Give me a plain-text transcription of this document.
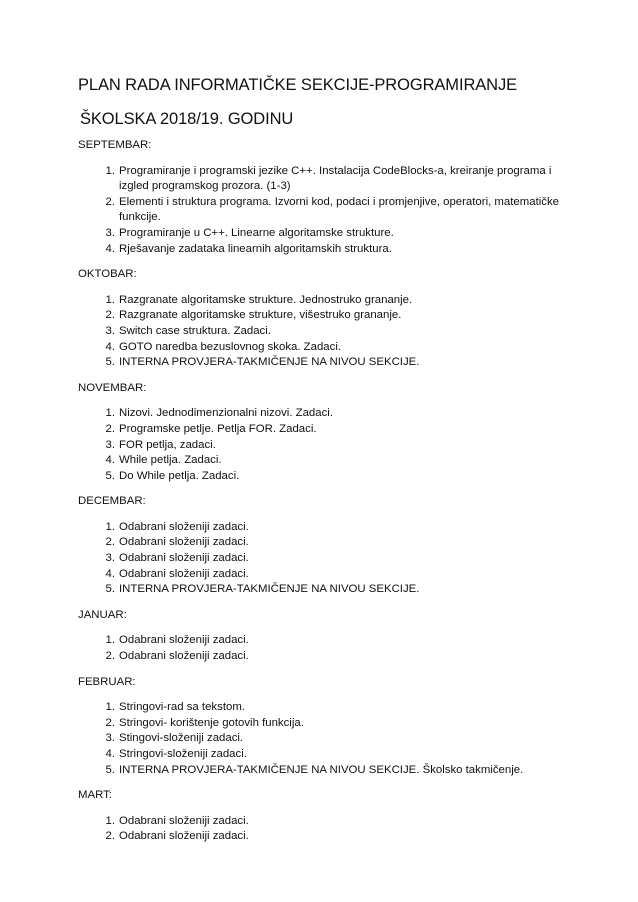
PLAN RADA INFORMATIČKE SEKCIJE-PROGRAMIRANJE
ŠKOLSKA 2018/19. GODINU

SEPTEMBAR:

1. Programiranje i programski jezike C++. Instalacija CodeBlocks-a, kreiranje programa i izgled programskog prozora. (1-3)
2. Elementi i struktura programa. Izvorni kod, podaci i promjenjive, operatori, matematičke funkcije.
3. Programiranje u C++. Linearne algoritamske strukture.
4. Rješavanje zadataka linearnih algoritamskih struktura.

OKTOBAR:

1. Razgranate algoritamske strukture. Jednostruko grananje.
2. Razgranate algoritamske strukture, višestruko grananje.
3. Switch case struktura. Zadaci.
4. GOTO naredba bezuslovnog skoka. Zadaci.
5. INTERNA PROVJERA-TAKMIČENJE NA NIVOU SEKCIJE.

NOVEMBAR:

1. Nizovi. Jednodimenzionalni nizovi. Zadaci.
2. Programske petlje. Petlja FOR. Zadaci.
3. FOR petlja, zadaci.
4. While petlja. Zadaci.
5. Do While petlja. Zadaci.

DECEMBAR:

1. Odabrani složeniji zadaci.
2. Odabrani složeniji zadaci.
3. Odabrani složeniji zadaci.
4. Odabrani složeniji zadaci.
5. INTERNA PROVJERA-TAKMIČENJE NA NIVOU SEKCIJE.

JANUAR:

1. Odabrani složeniji zadaci.
2. Odabrani složeniji zadaci.

FEBRUAR:

1. Stringovi-rad sa tekstom.
2. Stringovi- korištenje gotovih funkcija.
3. Stingovi-složeniji zadaci.
4. Stringovi-složeniji zadaci.
5. INTERNA PROVJERA-TAKMIČENJE NA NIVOU SEKCIJE. Školsko takmičenje.

MART:

1. Odabrani složeniji zadaci.
2. Odabrani složeniji zadaci.
